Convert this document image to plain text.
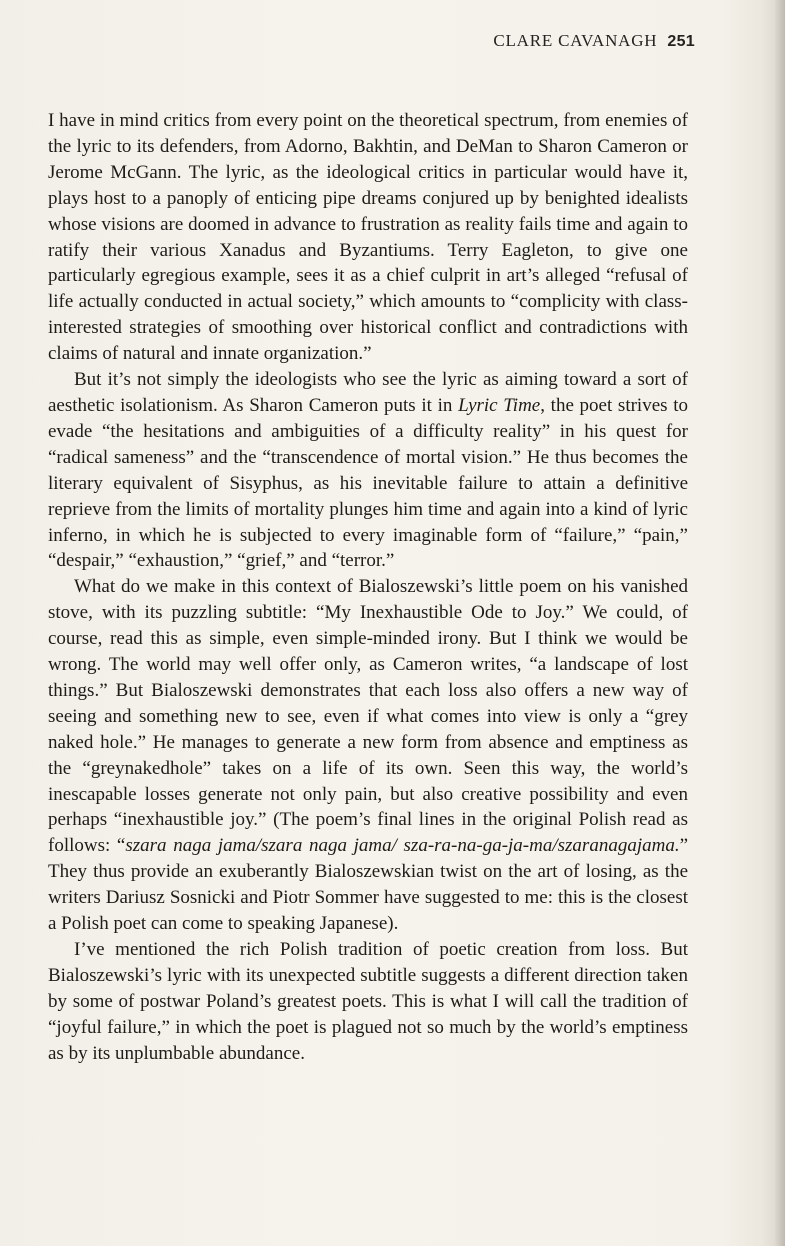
CLARE CAVANAGH 251

I have in mind critics from every point on the theoretical spectrum, from enemies of the lyric to its defenders, from Adorno, Bakhtin, and DeMan to Sharon Cameron or Jerome McGann. The lyric, as the ideological critics in particular would have it, plays host to a panoply of enticing pipe dreams conjured up by benighted idealists whose visions are doomed in advance to frustration as reality fails time and again to ratify their various Xanadus and Byzantiums. Terry Eagleton, to give one particularly egregious example, sees it as a chief culprit in art’s alleged “refusal of life actually conducted in actual society,” which amounts to “complicity with class-interested strategies of smoothing over historical conflict and contradictions with claims of natural and innate organization.”

But it’s not simply the ideologists who see the lyric as aiming toward a sort of aesthetic isolationism. As Sharon Cameron puts it in Lyric Time, the poet strives to evade “the hesitations and ambiguities of a difficulty reality” in his quest for “radical sameness” and the “transcendence of mortal vision.” He thus becomes the literary equivalent of Sisyphus, as his inevitable failure to attain a definitive reprieve from the limits of mortality plunges him time and again into a kind of lyric inferno, in which he is subjected to every imaginable form of “failure,” “pain,” “despair,” “exhaustion,” “grief,” and “terror.”

What do we make in this context of Bialoszewski’s little poem on his vanished stove, with its puzzling subtitle: “My Inexhaustible Ode to Joy.” We could, of course, read this as simple, even simple-minded irony. But I think we would be wrong. The world may well offer only, as Cameron writes, “a landscape of lost things.” But Bialoszewski demonstrates that each loss also offers a new way of seeing and something new to see, even if what comes into view is only a “grey naked hole.” He manages to generate a new form from absence and emptiness as the “greynakedhole” takes on a life of its own. Seen this way, the world’s inescapable losses generate not only pain, but also creative possibility and even perhaps “inexhaustible joy.” (The poem’s final lines in the original Polish read as follows: “szara naga jama/szara naga jama/ sza-ra-na-ga-ja-ma/szaranagajama.” They thus provide an exuberantly Bialoszewskian twist on the art of losing, as the writers Dariusz Sosnicki and Piotr Sommer have suggested to me: this is the closest a Polish poet can come to speaking Japanese).

I’ve mentioned the rich Polish tradition of poetic creation from loss. But Bialoszewski’s lyric with its unexpected subtitle suggests a different direction taken by some of postwar Poland’s greatest poets. This is what I will call the tradition of “joyful failure,” in which the poet is plagued not so much by the world’s emptiness as by its unplumbable abundance.
